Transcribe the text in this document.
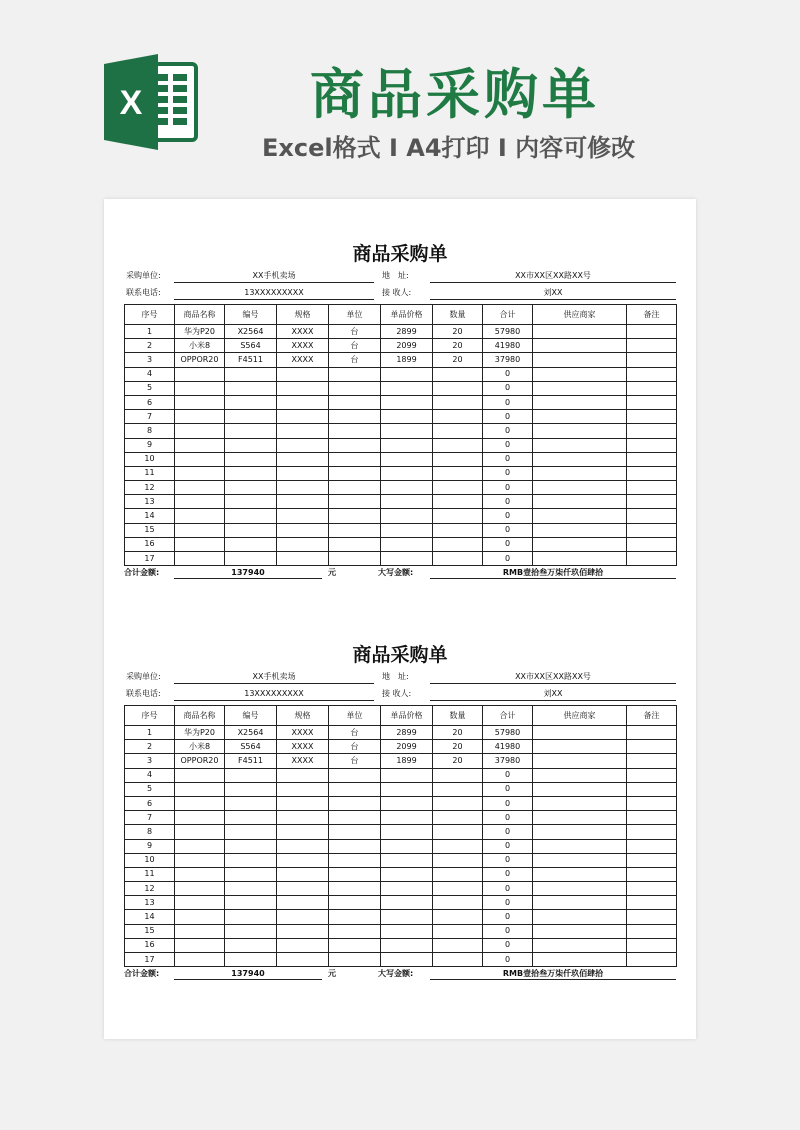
X	商品采购单
Excel格式 I A4打印 I 内容可修改
商品采购单
采购单位:	XX手机卖场	地　址:	XX市XX区XX路XX号
联系电话:	13XXXXXXXXX	接 收人:	刘XX
序号	商品名称	编号	规格	单位	单品价格	数量	合计	供应商家	备注
1	华为P20	X2564	XXXX	台	2899	20	57980		
2	小米8	S564	XXXX	台	2099	20	41980		
3	OPPOR20	F4511	XXXX	台	1899	20	37980		
4							0		
5							0		
6							0		
7							0		
8							0		
9							0		
10							0		
11							0		
12							0		
13							0		
14							0		
15							0		
16							0		
17							0		
合计金额:	137940	元	大写金额:	RMB壹拾叁万柒仟玖佰肆拾
商品采购单
采购单位:	XX手机卖场	地　址:	XX市XX区XX路XX号
联系电话:	13XXXXXXXXX	接 收人:	刘XX
序号	商品名称	编号	规格	单位	单品价格	数量	合计	供应商家	备注
1	华为P20	X2564	XXXX	台	2899	20	57980		
2	小米8	S564	XXXX	台	2099	20	41980		
3	OPPOR20	F4511	XXXX	台	1899	20	37980		
4							0		
5							0		
6							0		
7							0		
8							0		
9							0		
10							0		
11							0		
12							0		
13							0		
14							0		
15							0		
16							0		
17							0		
合计金额:	137940	元	大写金额:	RMB壹拾叁万柒仟玖佰肆拾
